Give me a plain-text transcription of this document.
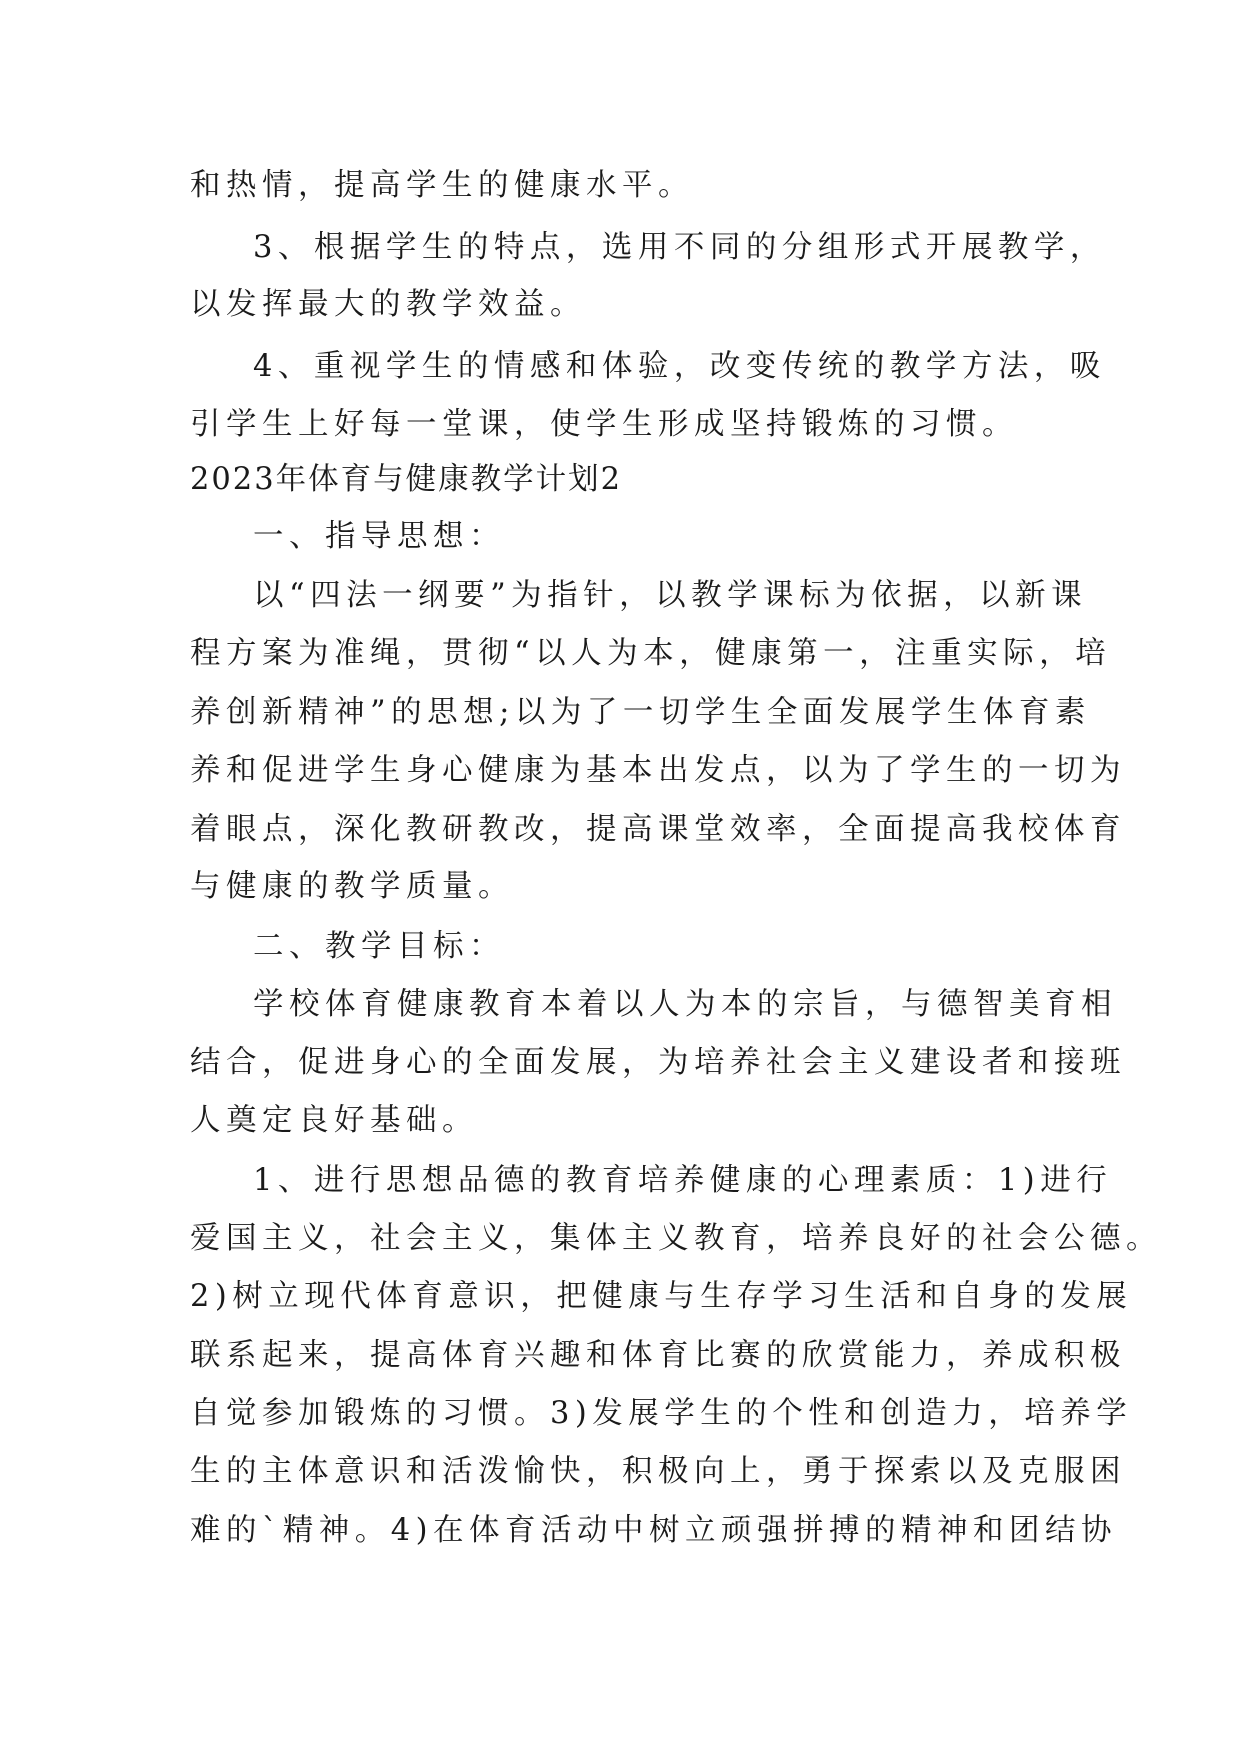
和热情，提高学生的健康水平。
3、根据学生的特点，选用不同的分组形式开展教学，
以发挥最大的教学效益。
4、重视学生的情感和体验，改变传统的教学方法，吸
引学生上好每一堂课，使学生形成坚持锻炼的习惯。
2023年体育与健康教学计划2
一、指导思想：
以“四法一纲要”为指针，以教学课标为依据，以新课
程方案为准绳，贯彻“以人为本，健康第一，注重实际，培
养创新精神”的思想;以为了一切学生全面发展学生体育素
养和促进学生身心健康为基本出发点，以为了学生的一切为
着眼点，深化教研教改，提高课堂效率，全面提高我校体育
与健康的教学质量。
二、教学目标：
学校体育健康教育本着以人为本的宗旨，与德智美育相
结合，促进身心的全面发展，为培养社会主义建设者和接班
人奠定良好基础。
1、进行思想品德的教育培养健康的心理素质：1)进行
爱国主义，社会主义，集体主义教育，培养良好的社会公德。
2)树立现代体育意识，把健康与生存学习生活和自身的发展
联系起来，提高体育兴趣和体育比赛的欣赏能力，养成积极
自觉参加锻炼的习惯。3)发展学生的个性和创造力，培养学
生的主体意识和活泼愉快，积极向上，勇于探索以及克服困
难的`精神。4)在体育活动中树立顽强拼搏的精神和团结协
